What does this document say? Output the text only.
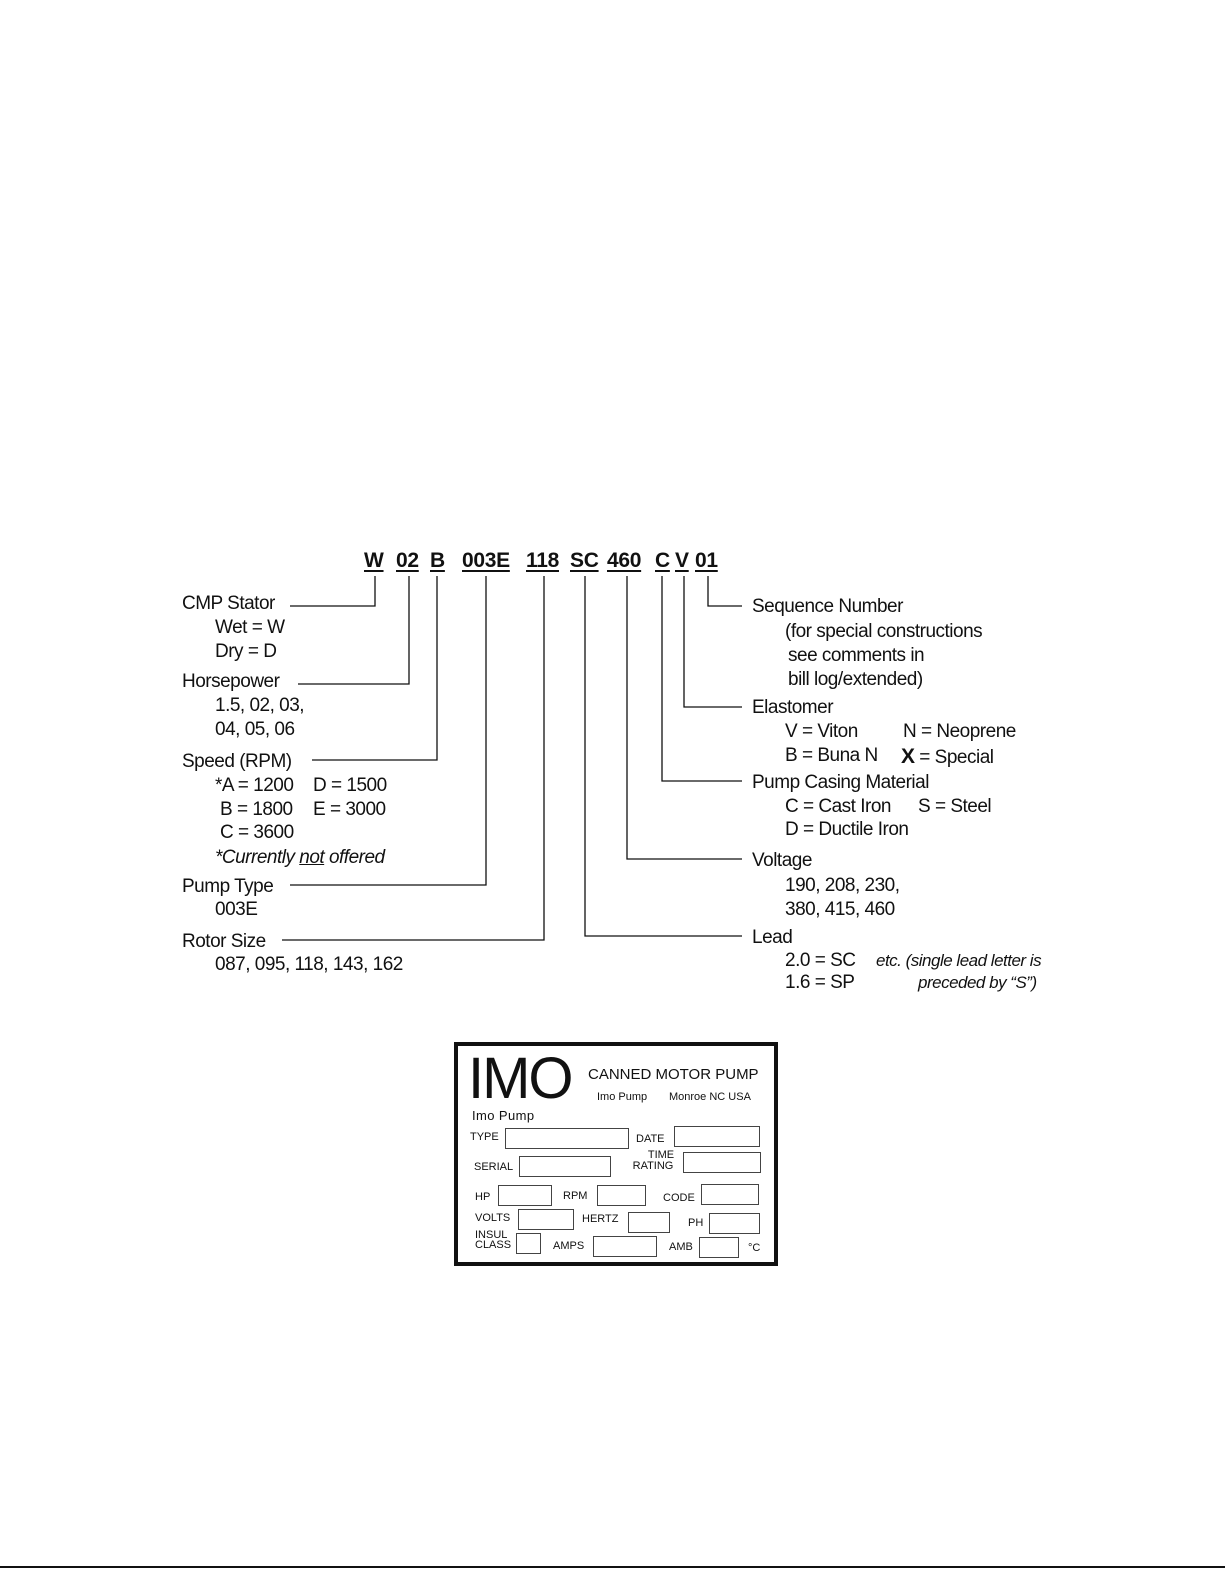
W 02 B 003E 118 SC 460 C V 01
CMP Stator
Wet = W
Dry = D
Horsepower
1.5, 02, 03,
04, 05, 06
Speed (RPM)
*A = 1200 D = 1500
B = 1800 E = 3000
C = 3600
*Currently not offered
Pump Type
003E
Rotor Size
087, 095, 118, 143, 162
Sequence Number
(for special constructions
see comments in
bill log/extended)
Elastomer
V = Viton N = Neoprene
B = Buna N X = Special
Pump Casing Material
C = Cast Iron S = Steel
D = Ductile Iron
Voltage
190, 208, 230,
380, 415, 460
Lead
2.0 = SC
1.6 = SP
etc. (single lead letter is
preceded by “S”)
IMO CANNED MOTOR PUMP
Imo Pump Monroe NC USA
Imo Pump
TYPE	DATE
SERIAL
TIME
RATING
HP	RPM	CODE
VOLTS	HERTZ	PH
INSUL
CLASS	AMPS	AMB	°C
